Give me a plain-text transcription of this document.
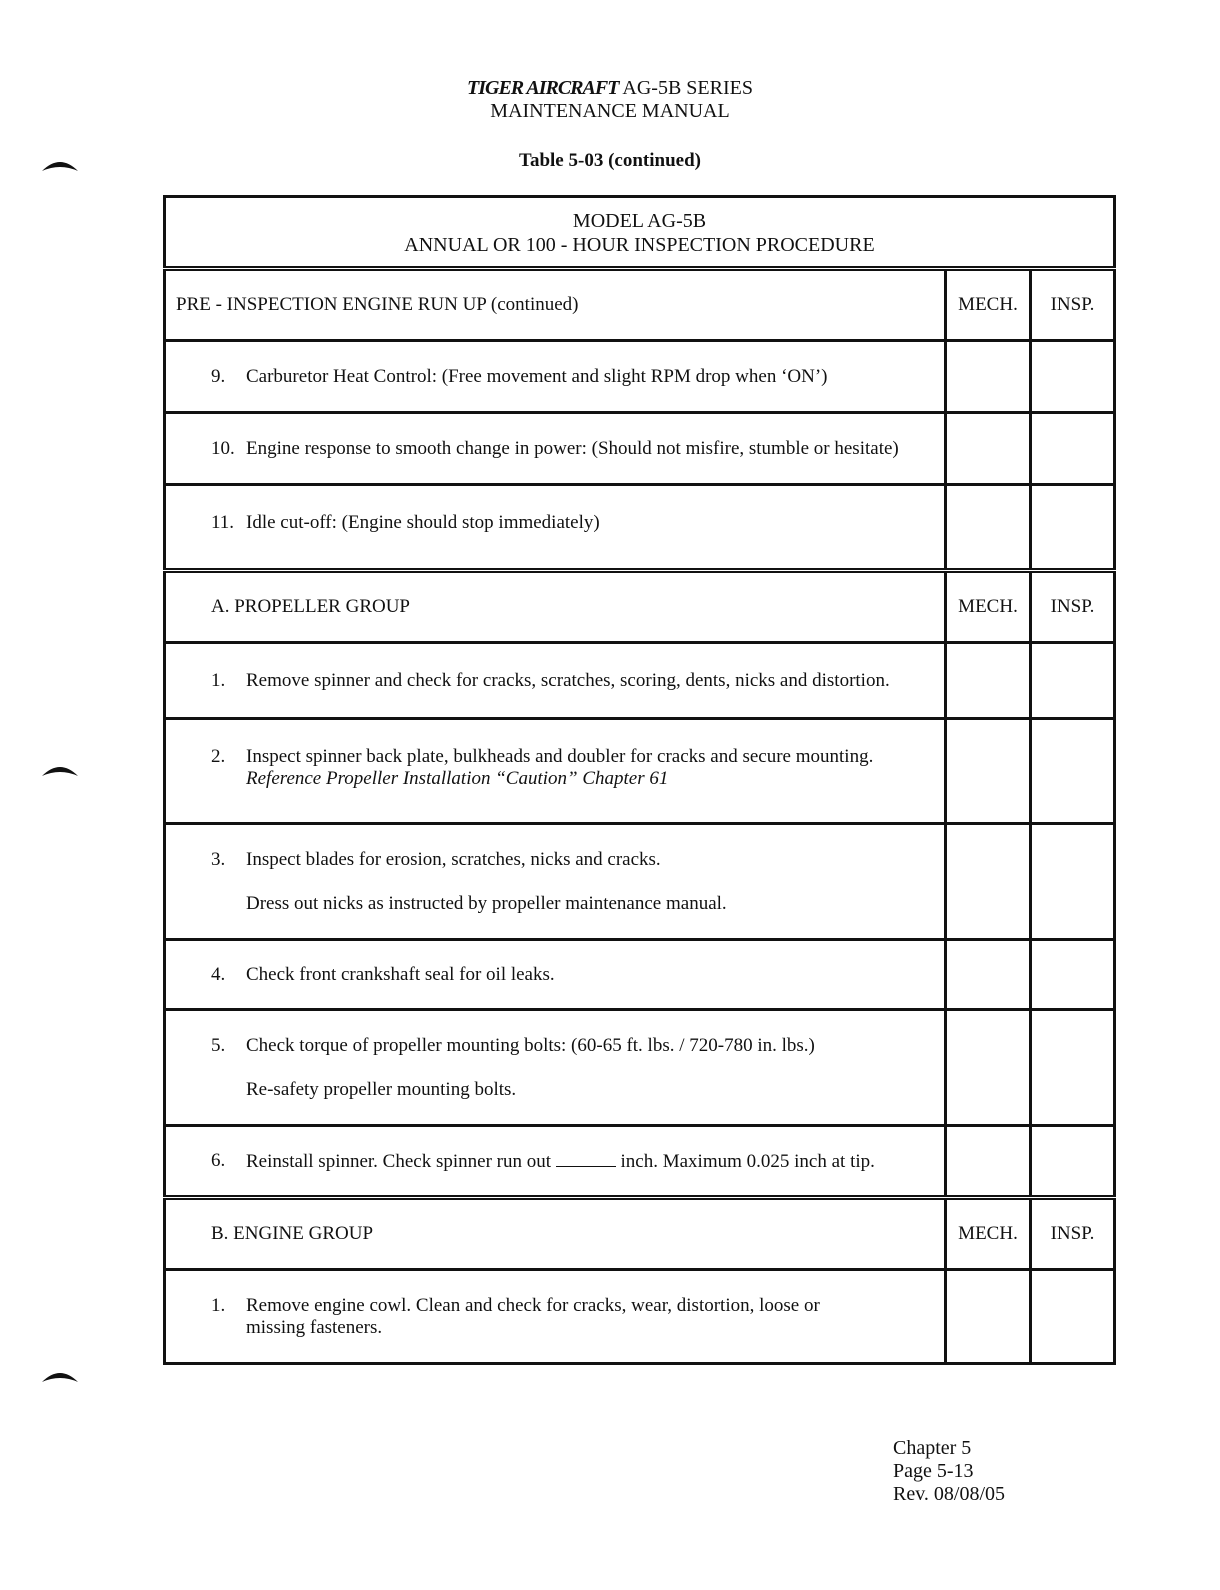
TIGER AIRCRAFT AG-5B SERIES
MAINTENANCE MANUAL
Table 5-03 (continued)
MODEL AG-5B
ANNUAL OR 100 - HOUR INSPECTION PROCEDURE		

PRE - INSPECTION ENGINE RUN UP (continued)	MECH.	INSP.

9. Carburetor Heat Control: (Free movement and slight RPM drop when ‘ON’)		

10. Engine response to smooth change in power: (Should not misfire, stumble or hesitate)		

11. Idle cut-off: (Engine should stop immediately)		

A. PROPELLER GROUP	MECH.	INSP.

1. Remove spinner and check for cracks, scratches, scoring, dents, nicks and distortion.		

2. Inspect spinner back plate, bulkheads and doubler for cracks and secure mounting.
Reference Propeller Installation “Caution” Chapter 61		

3. Inspect blades for erosion, scratches, nicks and cracks.
Dress out nicks as instructed by propeller maintenance manual.		

4. Check front crankshaft seal for oil leaks.		

5. Check torque of propeller mounting bolts: (60-65 ft. lbs. / 720-780 in. lbs.)
Re-safety propeller mounting bolts.		

6. Reinstall spinner. Check spinner run out inch. Maximum 0.025 inch at tip.		

B. ENGINE GROUP	MECH.	INSP.

1. Remove engine cowl. Clean and check for cracks, wear, distortion, loose or
missing fasteners.		

Chapter 5
Page 5-13
Rev. 08/08/05
